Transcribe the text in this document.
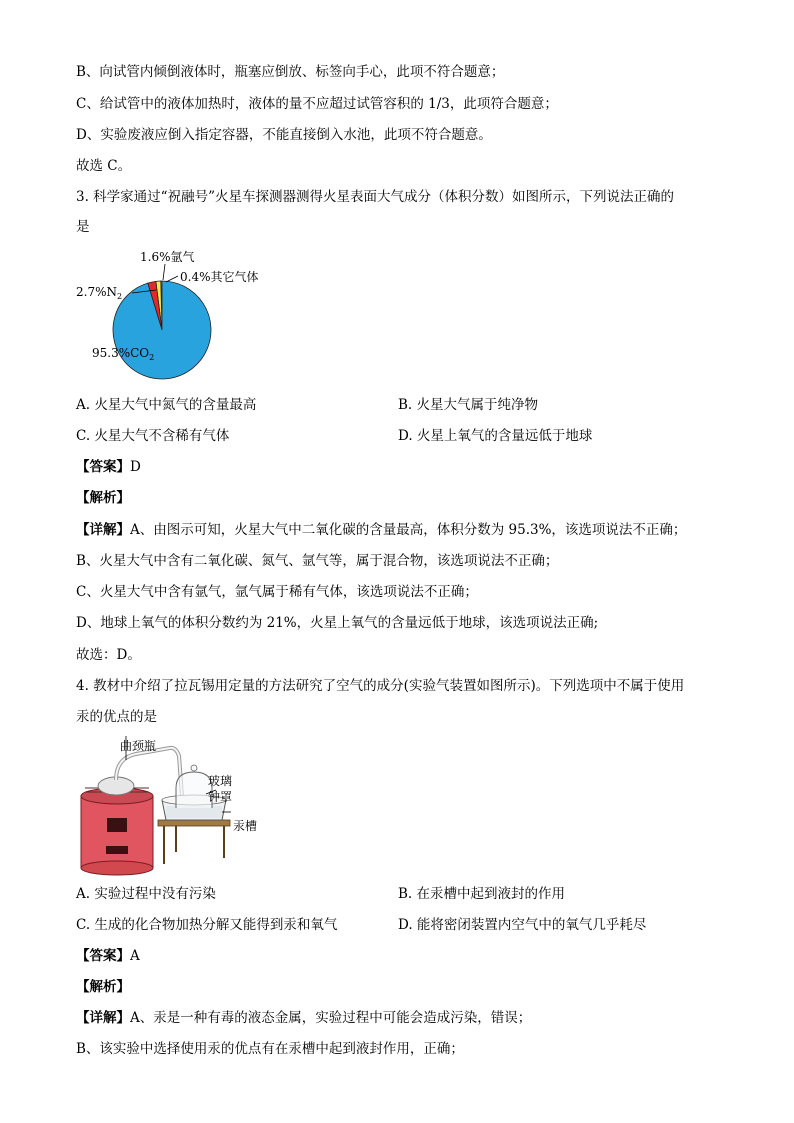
B、向试管内倾倒液体时，瓶塞应倒放、标签向手心，此项不符合题意；
C、给试管中的液体加热时，液体的量不应超过试管容积的 1/3，此项符合题意；
D、实验废液应倒入指定容器，不能直接倒入水池，此项不符合题意。
故选 C。
3. 科学家通过“祝融号”火星车探测器测得火星表面大气成分（体积分数）如图所示，下列说法正确的
是
1.6%氩气
0.4%其它气体
$2.7\%N_2$
$95.3\%CO_2$
A. 火星大气中氮气的含量最高	B. 火星大气属于纯净物
C. 火星大气不含稀有气体	D. 火星上氧气的含量远低于地球
【答案】D
【解析】
【详解】A、由图示可知，火星大气中二氧化碳的含量最高，体积分数为 95.3%，该选项说法不正确；
B、火星大气中含有二氧化碳、氮气、氩气等，属于混合物，该选项说法不正确；
C、火星大气中含有氩气，氩气属于稀有气体，该选项说法不正确；
D、地球上氧气的体积分数约为 21%，火星上氧气的含量远低于地球，该选项说法正确;
故选：D。
4. 教材中介绍了拉瓦锡用定量的方法研究了空气的成分(实验气装置如图所示)。下列选项中不属于使用
汞的优点的是
曲颈瓶
玻璃
钟罩
汞槽
A. 实验过程中没有污染	B. 在汞槽中起到液封的作用
C. 生成的化合物加热分解又能得到汞和氧气	D. 能将密闭装置内空气中的氧气几乎耗尽
【答案】A
【解析】
【详解】A、汞是一种有毒的液态金属，实验过程中可能会造成污染，错误；
B、该实验中选择使用汞的优点有在汞槽中起到液封作用，正确；
